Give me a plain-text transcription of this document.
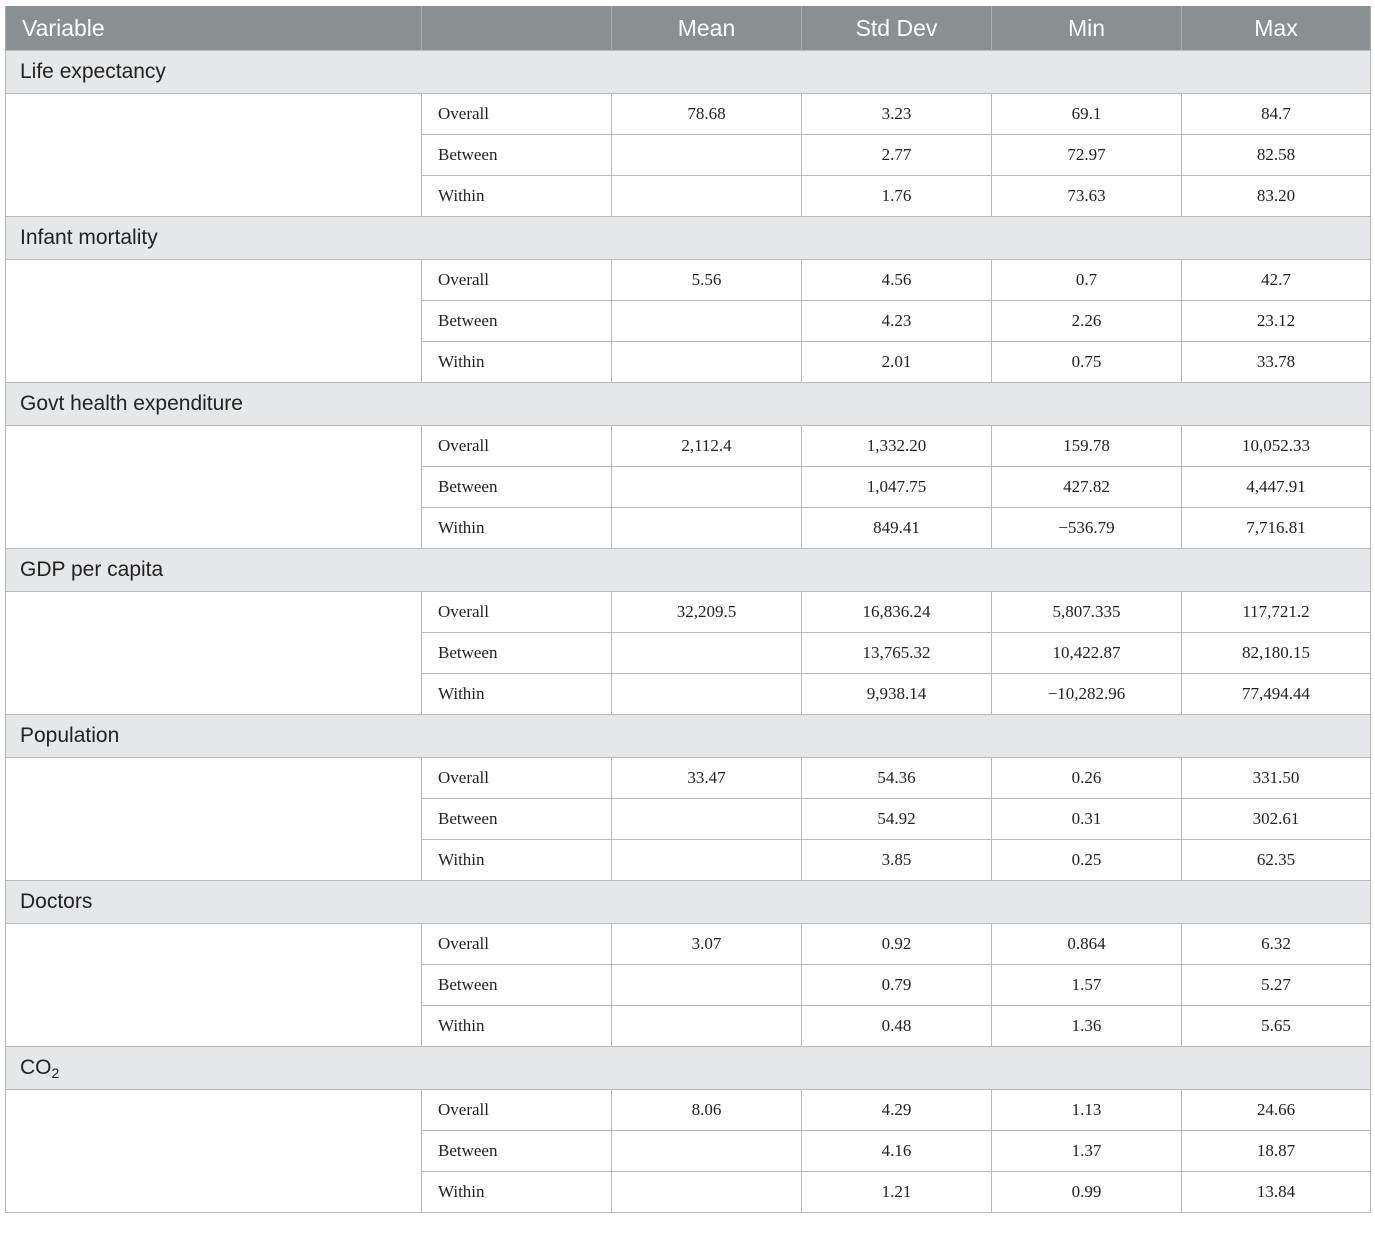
Variable		Mean	Std Dev	Min	Max
Life expectancy					
	Overall	78.68	3.23	69.1	84.7
	Between		2.77	72.97	82.58
	Within		1.76	73.63	83.20
Infant mortality					
	Overall	5.56	4.56	0.7	42.7
	Between		4.23	2.26	23.12
	Within		2.01	0.75	33.78
Govt health expenditure					
	Overall	2,112.4	1,332.20	159.78	10,052.33
	Between		1,047.75	427.82	4,447.91
	Within		849.41	−536.79	7,716.81
GDP per capita					
	Overall	32,209.5	16,836.24	5,807.335	117,721.2
	Between		13,765.32	10,422.87	82,180.15
	Within		9,938.14	−10,282.96	77,494.44
Population					
	Overall	33.47	54.36	0.26	331.50
	Between		54.92	0.31	302.61
	Within		3.85	0.25	62.35
Doctors					
	Overall	3.07	0.92	0.864	6.32
	Between		0.79	1.57	5.27
	Within		0.48	1.36	5.65
$CO_2$
	Overall	8.06	4.29	1.13	24.66
	Between		4.16	1.37	18.87
	Within		1.21	0.99	13.84
